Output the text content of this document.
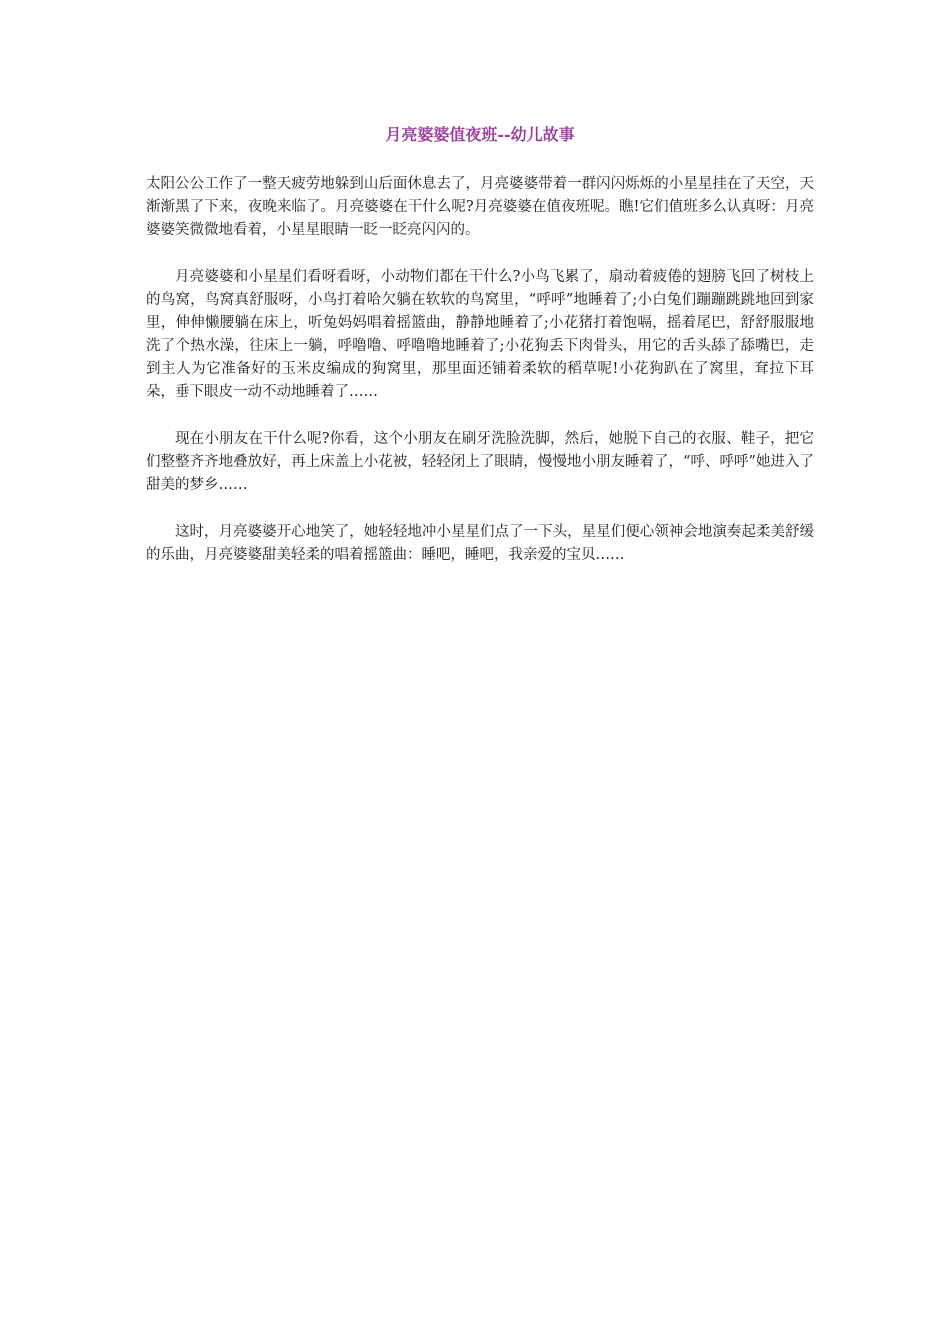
月亮婆婆值夜班--幼儿故事

太阳公公工作了一整天疲劳地躲到山后面休息去了，月亮婆婆带着一群闪闪烁烁的小星星挂在了天空，天渐渐黑了下来，夜晚来临了。月亮婆婆在干什么呢?月亮婆婆在值夜班呢。瞧!它们值班多么认真呀：月亮婆婆笑微微地看着，小星星眼睛一眨一眨亮闪闪的。

月亮婆婆和小星星们看呀看呀，小动物们都在干什么?小鸟飞累了，扇动着疲倦的翅膀飞回了树枝上的鸟窝，鸟窝真舒服呀，小鸟打着哈欠躺在软软的鸟窝里，“呼呼”地睡着了;小白兔们蹦蹦跳跳地回到家里，伸伸懒腰躺在床上，听兔妈妈唱着摇篮曲，静静地睡着了;小花猪打着饱嗝，摇着尾巴，舒舒服服地洗了个热水澡，往床上一躺，呼噜噜、呼噜噜地睡着了;小花狗丢下肉骨头，用它的舌头舔了舔嘴巴，走到主人为它准备好的玉米皮编成的狗窝里，那里面还铺着柔软的稻草呢!小花狗趴在了窝里，耷拉下耳朵，垂下眼皮一动不动地睡着了……

现在小朋友在干什么呢?你看，这个小朋友在刷牙洗脸洗脚，然后，她脱下自己的衣服、鞋子，把它们整整齐齐地叠放好，再上床盖上小花被，轻轻闭上了眼睛，慢慢地小朋友睡着了，“呼、呼呼”她进入了甜美的梦乡……

这时，月亮婆婆开心地笑了，她轻轻地冲小星星们点了一下头，星星们便心领神会地演奏起柔美舒缓的乐曲，月亮婆婆甜美轻柔的唱着摇篮曲：睡吧，睡吧，我亲爱的宝贝……
